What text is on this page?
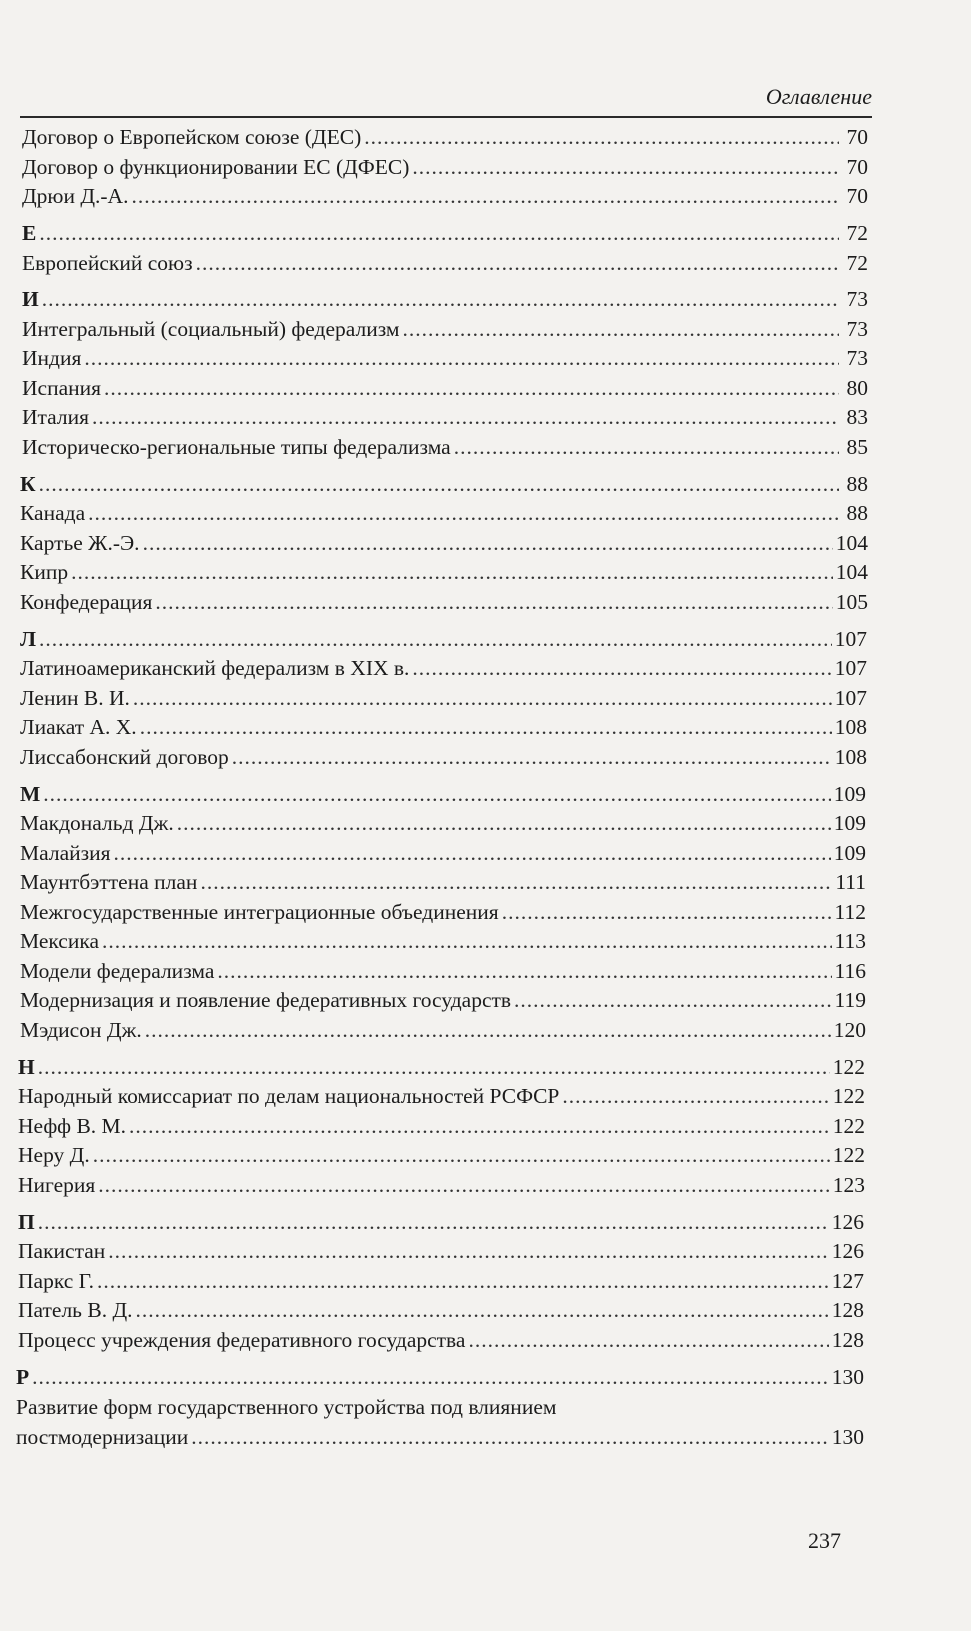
Оглавление
Договор о Европейском союзе (ДЕС) .....	70
Договор о функционировании ЕС (ДФЕС) .....	70
Дрюи Д.-А. .....	70
Е .....	72
Европейский союз .....	72
И .....	73
Интегральный (социальный) федерализм .....	73
Индия .....	73
Испания .....	80
Италия .....	83
Историческо-региональные типы федерализма .....	85
К .....	88
Канада .....	88
Картье Ж.-Э. .....	104
Кипр .....	104
Конфедерация .....	105
Л .....	107
Латиноамериканский федерализм в XIX в. .....	107
Ленин В. И. .....	107
Лиакат А. Х. .....	108
Лиссабонский договор .....	108
М .....	109
Макдональд Дж. .....	109
Малайзия .....	109
Маунтбэттена план .....	111
Межгосударственные интеграционные объединения .....	112
Мексика .....	113
Модели федерализма .....	116
Модернизация и появление федеративных государств .....	119
Мэдисон Дж. .....	120
Н .....	122
Народный комиссариат по делам национальностей РСФСР .....	122
Нефф В. М. .....	122
Неру Д. .....	122
Нигерия .....	123
П .....	126
Пакистан .....	126
Паркс Г. .....	127
Патель В. Д. .....	128
Процесс учреждения федеративного государства .....	128
Р .....	130
Развитие форм государственного устройства под влиянием
постмодернизации .....	130
237
